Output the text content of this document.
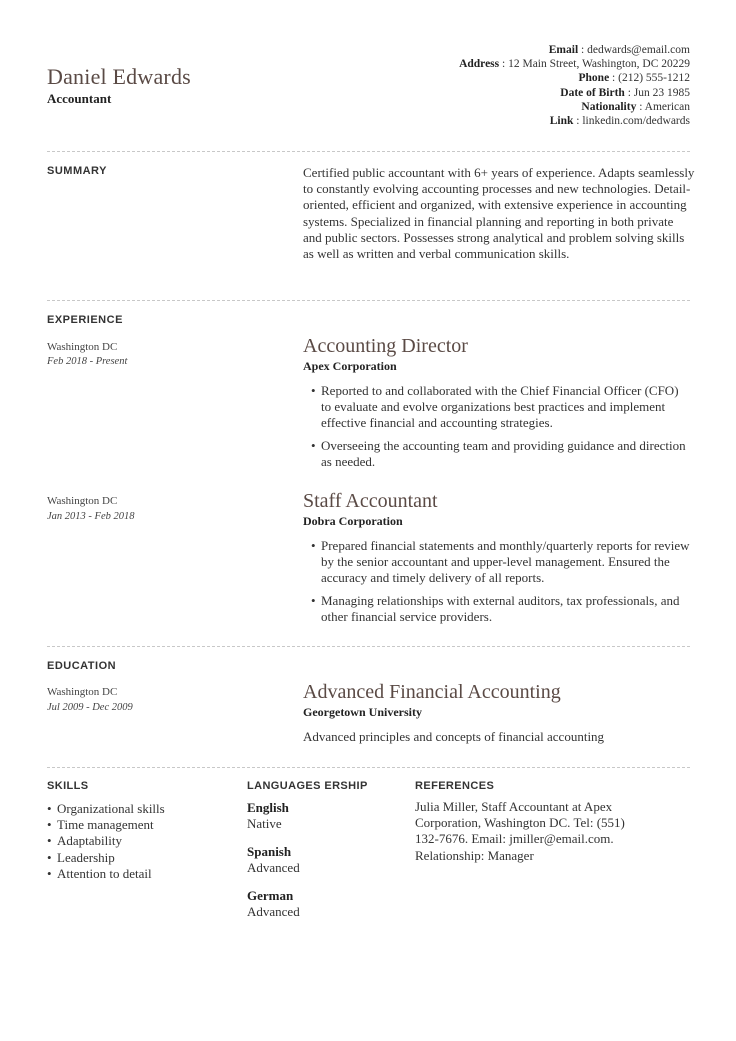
Daniel Edwards
Accountant
Email : dedwards@email.com
Address : 12 Main Street, Washington, DC 20229
Phone : (212) 555-1212
Date of Birth : Jun 23 1985
Nationality : American
Link : linkedin.com/dedwards
SUMMARY	Certified public accountant with 6+ years of experience. Adapts seamlessly to constantly evolving accounting processes and new technologies. Detail-oriented, efficient and organized, with extensive experience in accounting systems. Specialized in financial planning and reporting in both private and public sectors. Possesses strong analytical and problem solving skills as well as written and verbal communication skills.
EXPERIENCE
Washington DC
Feb 2018 - Present
Accounting Director
Apex Corporation
• Reported to and collaborated with the Chief Financial Officer (CFO) to evaluate and evolve organizations best practices and implement effective financial and accounting strategies.
• Overseeing the accounting team and providing guidance and direction as needed.
Washington DC
Jan 2013 - Feb 2018
Staff Accountant
Dobra Corporation
• Prepared financial statements and monthly/quarterly reports for review by the senior accountant and upper-level management. Ensured the accuracy and timely delivery of all reports.
• Managing relationships with external auditors, tax professionals, and other financial service providers.
EDUCATION
Washington DC
Jul 2009 - Dec 2009
Advanced Financial Accounting
Georgetown University
Advanced principles and concepts of financial accounting
SKILLS
• Organizational skills
• Time management
• Adaptability
• Leadership
• Attention to detail
LANGUAGES ERSHIP
English
Native
Spanish
Advanced
German
Advanced
REFERENCES
Julia Miller, Staff Accountant at Apex Corporation, Washington DC. Tel: (551) 132-7676. Email: jmiller@email.com. Relationship: Manager
